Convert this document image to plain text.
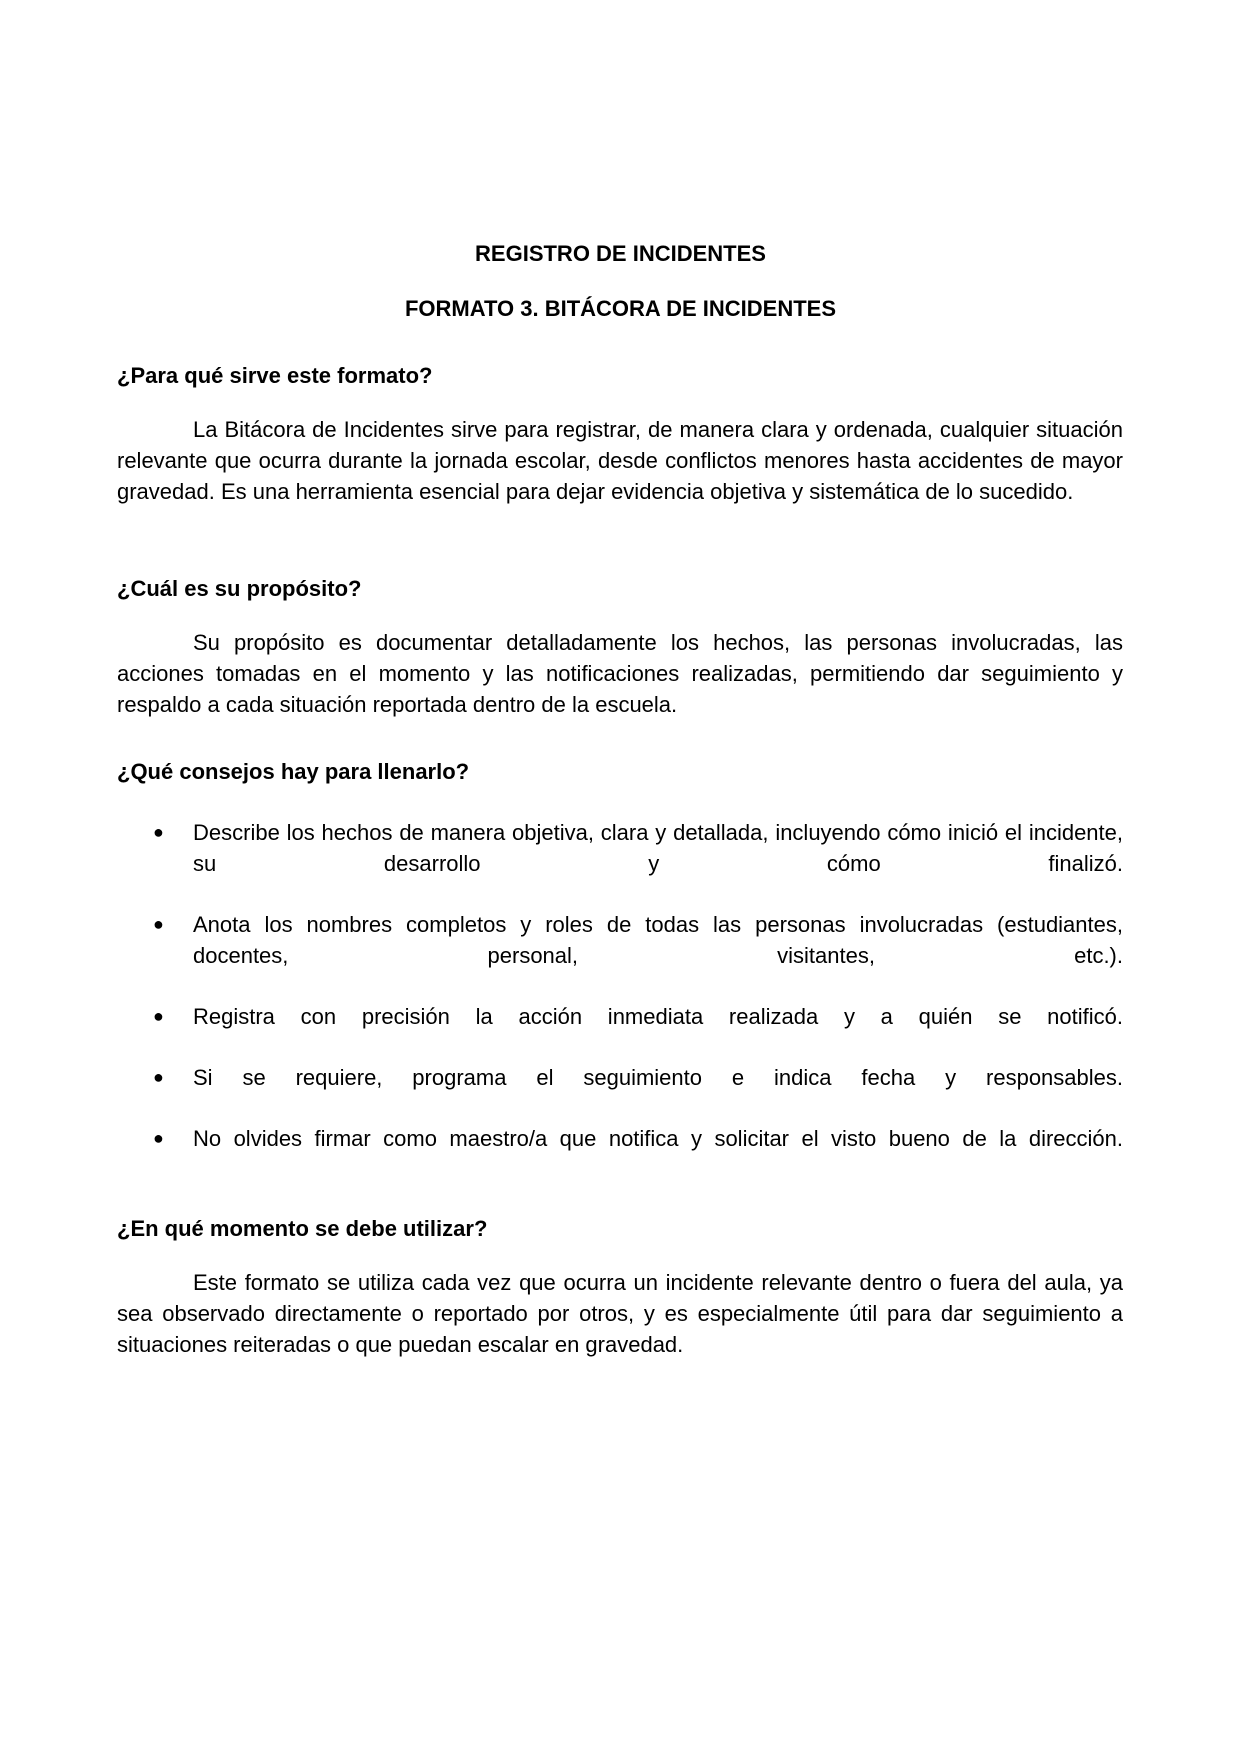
REGISTRO DE INCIDENTES
FORMATO 3. BITÁCORA DE INCIDENTES
¿Para qué sirve este formato?

La Bitácora de Incidentes sirve para registrar, de manera clara y ordenada, cualquier situación relevante que ocurra durante la jornada escolar, desde conflictos menores hasta accidentes de mayor gravedad. Es una herramienta esencial para dejar evidencia objetiva y sistemática de lo sucedido.

¿Cuál es su propósito?

Su propósito es documentar detalladamente los hechos, las personas involucradas, las acciones tomadas en el momento y las notificaciones realizadas, permitiendo dar seguimiento y respaldo a cada situación reportada dentro de la escuela.

¿Qué consejos hay para llenarlo?
● Describe los hechos de manera objetiva, clara y detallada, incluyendo cómo inició el incidente, su desarrollo y cómo finalizó.
● Anota los nombres completos y roles de todas las personas involucradas (estudiantes, docentes, personal, visitantes, etc.).
● Registra con precisión la acción inmediata realizada y a quién se notificó.
● Si se requiere, programa el seguimiento e indica fecha y responsables.
● No olvides firmar como maestro/a que notifica y solicitar el visto bueno de la dirección.
¿En qué momento se debe utilizar?

Este formato se utiliza cada vez que ocurra un incidente relevante dentro o fuera del aula, ya sea observado directamente o reportado por otros, y es especialmente útil para dar seguimiento a situaciones reiteradas o que puedan escalar en gravedad.
